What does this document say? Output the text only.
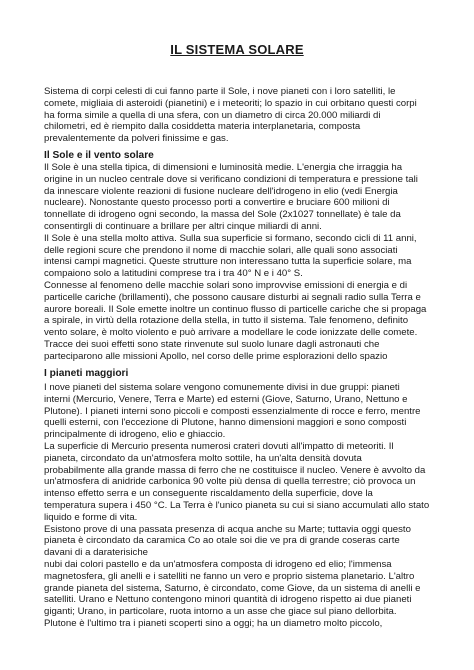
IL SISTEMA SOLARE

Sistema di corpi celesti di cui fanno parte il Sole, i nove pianeti con i loro satelliti, le
comete, migliaia di asteroidi (pianetini) e i meteoriti; lo spazio in cui orbitano questi corpi
ha forma simile a quella di una sfera, con un diametro di circa 20.000 miliardi di
chilometri, ed è riempito dalla cosiddetta materia interplanetaria, composta
prevalentemente da polveri finissime e gas.

Il Sole e il vento solare

Il Sole è una stella tipica, di dimensioni e luminosità medie. L'energia che irraggia ha
origine in un nucleo centrale dove si verificano condizioni di temperatura e pressione tali
da innescare violente reazioni di fusione nucleare dell'idrogeno in elio (vedi Energia
nucleare). Nonostante questo processo porti a convertire e bruciare 600 milioni di
tonnellate di idrogeno ogni secondo, la massa del Sole (2x1027 tonnellate) è tale da
consentirgli di continuare a brillare per altri cinque miliardi di anni.
Il Sole è una stella molto attiva. Sulla sua superficie si formano, secondo cicli di 11 anni,
delle regioni scure che prendono il nome di macchie solari, alle quali sono associati
intensi campi magnetici. Queste strutture non interessano tutta la superficie solare, ma
compaiono solo a latitudini comprese tra i tra 40° N e i 40° S.
Connesse al fenomeno delle macchie solari sono improvvise emissioni di energia e di
particelle cariche (brillamenti), che possono causare disturbi ai segnali radio sulla Terra e
aurore boreali. Il Sole emette inoltre un continuo flusso di particelle cariche che si propaga
a spirale, in virtù della rotazione della stella, in tutto il sistema. Tale fenomeno, definito
vento solare, è molto violento e può arrivare a modellare le code ionizzate delle comete.
Tracce dei suoi effetti sono state rinvenute sul suolo lunare dagli astronauti che
parteciparono alle missioni Apollo, nel corso delle prime esplorazioni dello spazio

I pianeti maggiori

I nove pianeti del sistema solare vengono comunemente divisi in due gruppi: pianeti
interni (Mercurio, Venere, Terra e Marte) ed esterni (Giove, Saturno, Urano, Nettuno e
Plutone). I pianeti interni sono piccoli e composti essenzialmente di rocce e ferro, mentre
quelli esterni, con l'eccezione di Plutone, hanno dimensioni maggiori e sono composti
principalmente di idrogeno, elio e ghiaccio.
La superficie di Mercurio presenta numerosi crateri dovuti all'impatto di meteoriti. Il
pianeta, circondato da un'atmosfera molto sottile, ha un'alta densità dovuta
probabilmente alla grande massa di ferro che ne costituisce il nucleo. Venere è avvolto da
un'atmosfera di anidride carbonica 90 volte più densa di quella terrestre; ciò provoca un
intenso effetto serra e un conseguente riscaldamento della superficie, dove la
temperatura supera i 450 °C. La Terra è l'unico pianeta su cui si siano accumulati allo stato
liquido e forme di vita.
Esistono prove di una passata presenza di acqua anche su Marte; tuttavia oggi questo
pianeta è circondato da caramica Co ao otale soi die ve pra di grande coseras carte
davani di a daraterisiche
nubi dai colori pastello e da un'atmosfera composta di idrogeno ed elio; l'immensa
magnetosfera, gli anelli e i satelliti ne fanno un vero e proprio sistema planetario. L'altro
grande pianeta del sistema, Saturno, è circondato, come Giove, da un sistema di anelli e
satelliti. Urano e Nettuno contengono minori quantità di idrogeno rispetto ai due pianeti
giganti; Urano, in particolare, ruota intorno a un asse che giace sul piano dellorbita.
Plutone è l'ultimo tra i pianeti scoperti sino a oggi; ha un diametro molto piccolo,
